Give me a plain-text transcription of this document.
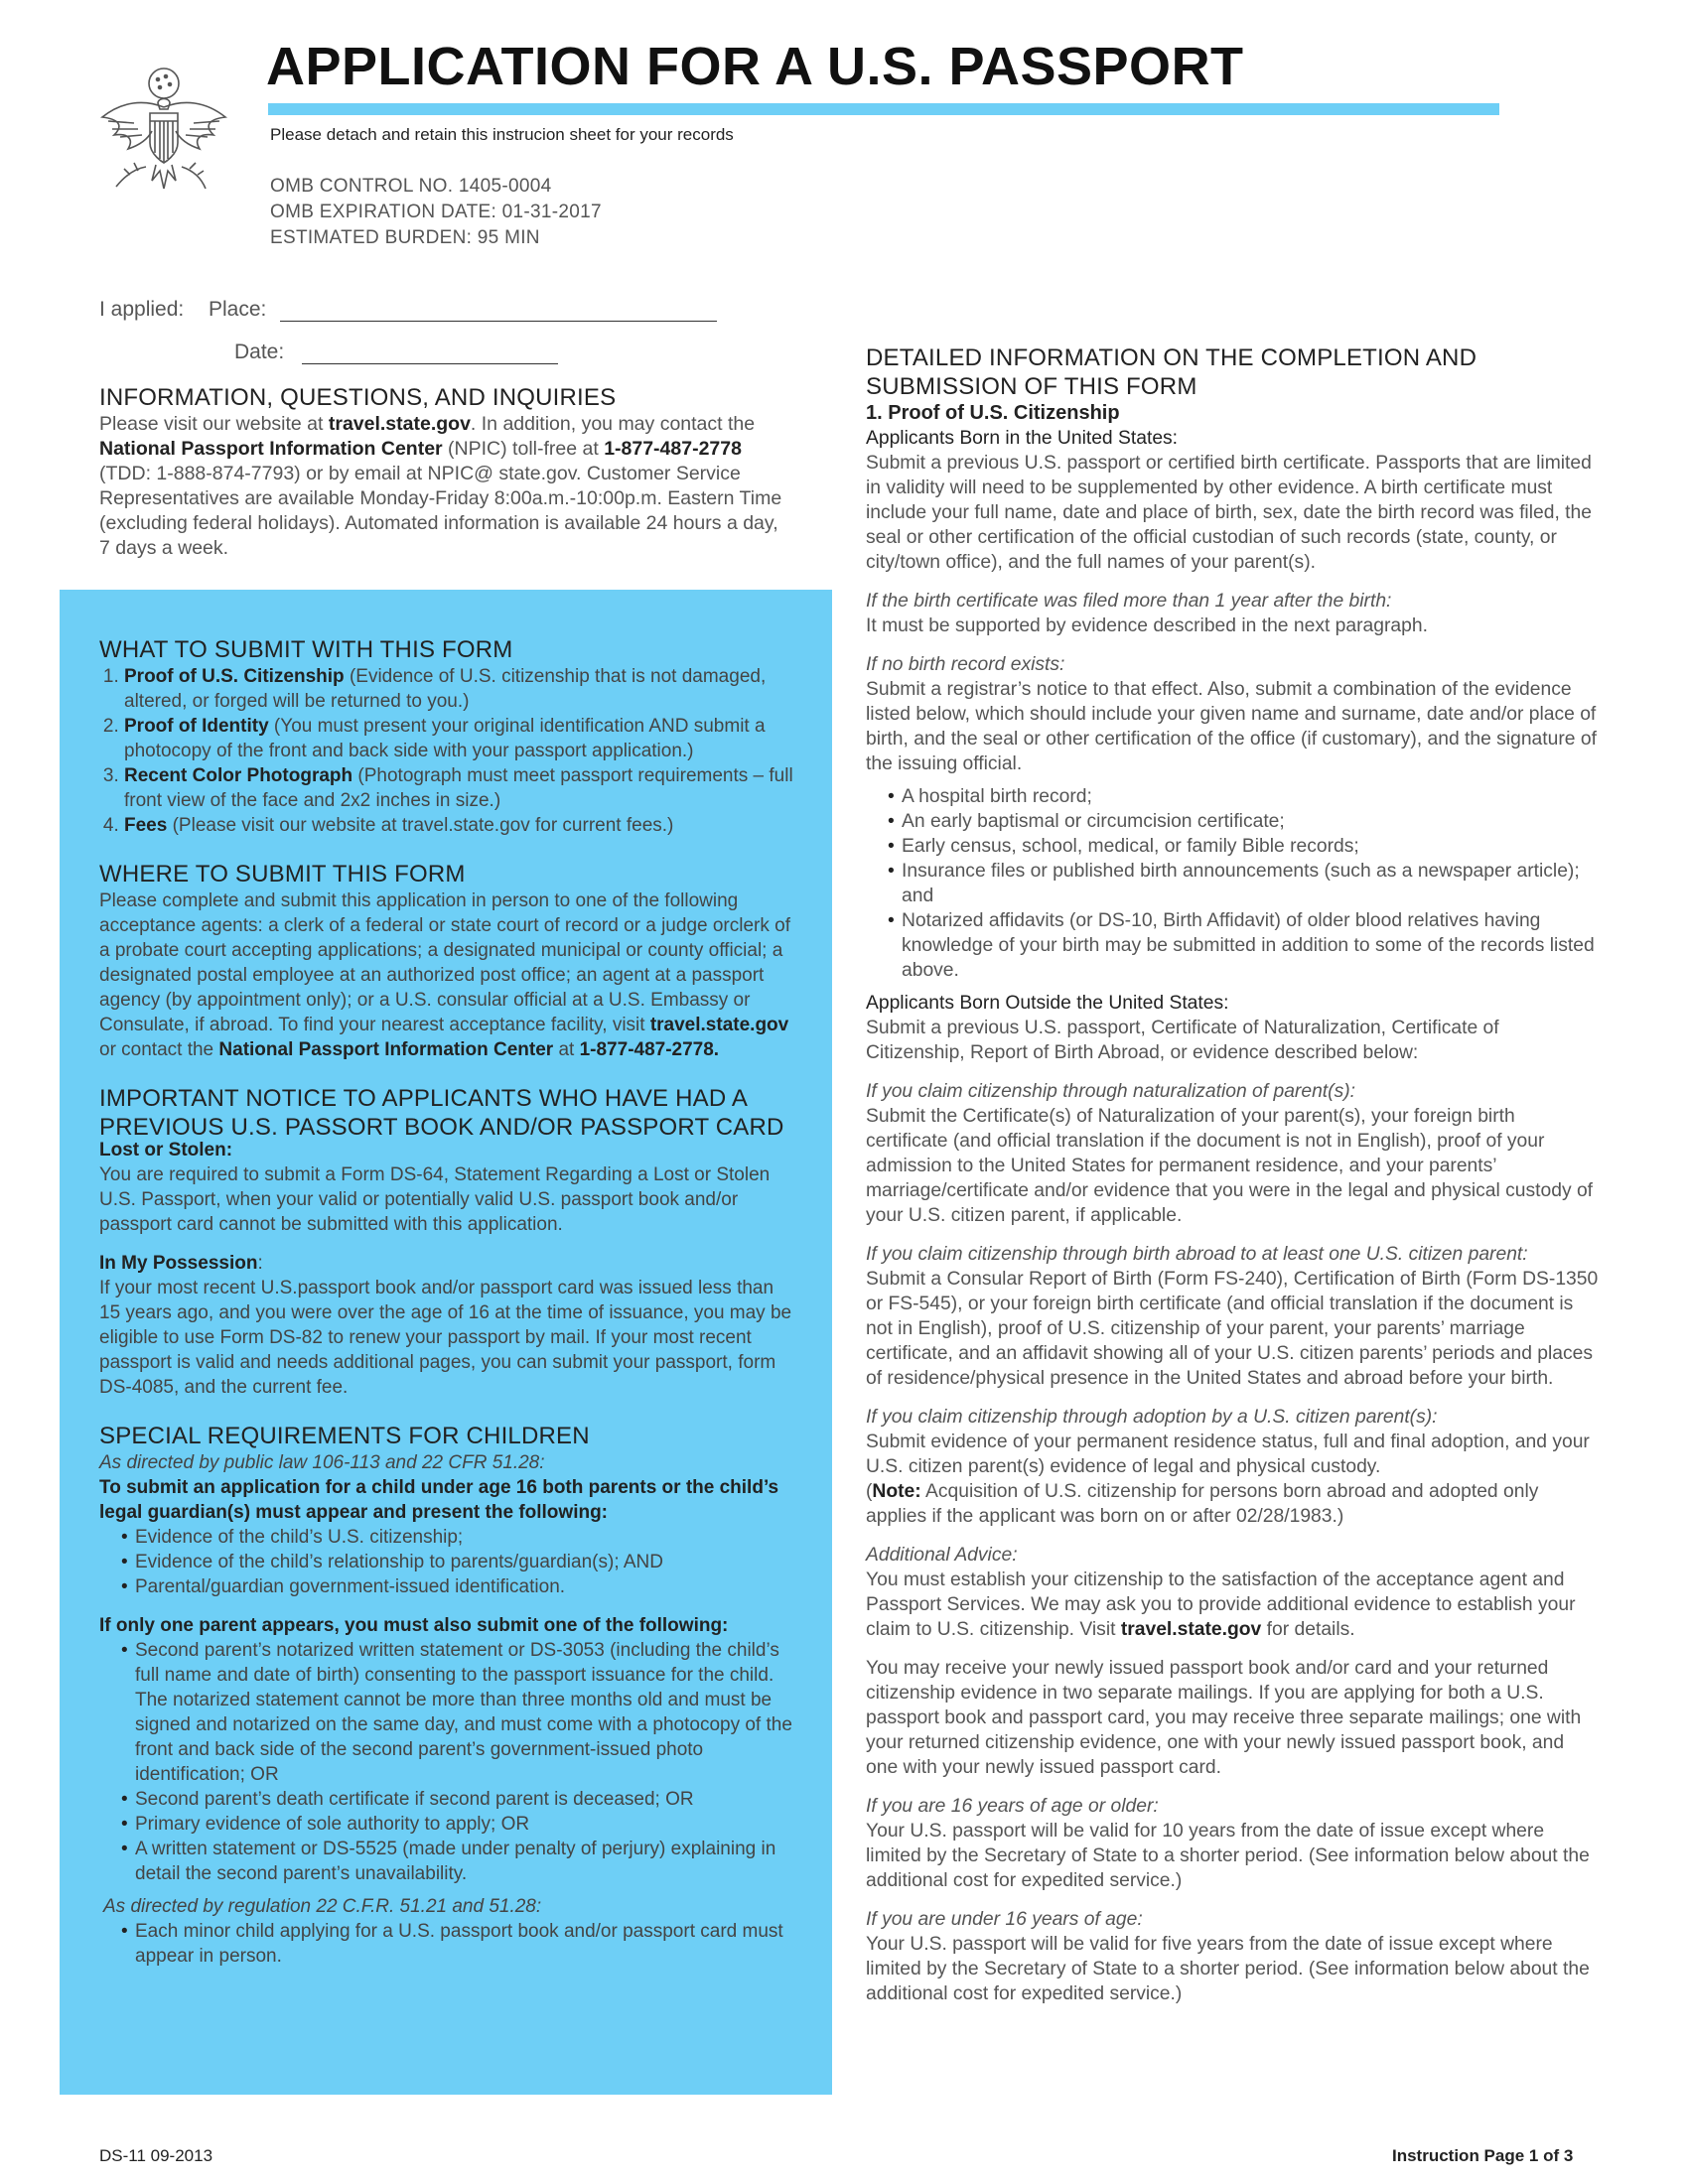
APPLICATION FOR A U.S. PASSPORT
Please detach and retain this instrucion sheet for your records
OMB CONTROL NO. 1405-0004
OMB EXPIRATION DATE: 01-31-2017
ESTIMATED BURDEN: 95 MIN
I applied:	Place:
Date:
INFORMATION, QUESTIONS, AND INQUIRIES

Please visit our website at travel.state.gov. In addition, you may contact the National Passport Information Center (NPIC) toll-free at 1-877-487-2778 (TDD: 1-888-874-7793) or by email at NPIC@ state.gov. Customer Service Representatives are available Monday-Friday 8:00a.m.-10:00p.m. Eastern Time (excluding federal holidays). Automated information is available 24 hours a day, 7 days a week.

WHAT TO SUBMIT WITH THIS FORM
1. Proof of U.S. Citizenship (Evidence of U.S. citizenship that is not damaged, altered, or forged will be returned to you.)
2. Proof of Identity (You must present your original identification AND submit a photocopy of the front and back side with your passport application.)
3. Recent Color Photograph (Photograph must meet passport requirements – full front view of the face and 2x2 inches in size.)
4. Fees (Please visit our website at travel.state.gov for current fees.)
WHERE TO SUBMIT THIS FORM

Please complete and submit this application in person to one of the following acceptance agents: a clerk of a federal or state court of record or a judge orclerk of a probate court accepting applications; a designated municipal or county official; a designated postal employee at an authorized post office; an agent at a passport agency (by appointment only); or a U.S. consular official at a U.S. Embassy or Consulate, if abroad. To find your nearest acceptance facility, visit travel.state.gov or contact the National Passport Information Center at 1-877-487-2778.

IMPORTANT NOTICE TO APPLICANTS WHO HAVE HAD A PREVIOUS U.S. PASSORT BOOK AND/OR PASSPORT CARD

Lost or Stolen:

You are required to submit a Form DS-64, Statement Regarding a Lost or Stolen U.S. Passport, when your valid or potentially valid U.S. passport book and/or passport card cannot be submitted with this application.

In My Possession:

If your most recent U.S.passport book and/or passport card was issued less than 15 years ago, and you were over the age of 16 at the time of issuance, you may be eligible to use Form DS-82 to renew your passport by mail. If your most recent passport is valid and needs additional pages, you can submit your passport, form DS-4085, and the current fee.

SPECIAL REQUIREMENTS FOR CHILDREN

As directed by public law 106-113 and 22 CFR 51.28:

To submit an application for a child under age 16 both parents or the child’s legal guardian(s) must appear and present the following:

• Evidence of the child’s U.S. citizenship;
• Evidence of the child’s relationship to parents/guardian(s); AND
• Parental/guardian government-issued identification.

If only one parent appears, you must also submit one of the following:

• Second parent’s notarized written statement or DS-3053 (including the child’s full name and date of birth) consenting to the passport issuance for the child. The notarized statement cannot be more than three months old and must be signed and notarized on the same day, and must come with a photocopy of the front and back side of the second parent’s government-issued photo identification; OR
• Second parent’s death certificate if second parent is deceased; OR
• Primary evidence of sole authority to apply; OR
• A written statement or DS-5525 (made under penalty of perjury) explaining in detail the second parent’s unavailability.

As directed by regulation 22 C.F.R. 51.21 and 51.28:

• Each minor child applying for a U.S. passport book and/or passport card must appear in person.
DETAILED INFORMATION ON THE COMPLETION AND SUBMISSION OF THIS FORM

1. Proof of U.S. Citizenship

Applicants Born in the United States:

Submit a previous U.S. passport or certified birth certificate. Passports that are limited in validity will need to be supplemented by other evidence. A birth certificate must include your full name, date and place of birth, sex, date the birth record was filed, the seal or other certification of the official custodian of such records (state, county, or city/town office), and the full names of your parent(s).

If the birth certificate was filed more than 1 year after the birth:

It must be supported by evidence described in the next paragraph.

If no birth record exists:

Submit a registrar’s notice to that effect. Also, submit a combination of the evidence listed below, which should include your given name and surname, date and/or place of birth, and the seal or other certification of the office (if customary), and the signature of the issuing official.

• A hospital birth record;
• An early baptismal or circumcision certificate;
• Early census, school, medical, or family Bible records;
• Insurance files or published birth announcements (such as a newspaper article); and
• Notarized affidavits (or DS-10, Birth Affidavit) of older blood relatives having knowledge of your birth may be submitted in addition to some of the records listed above.

Applicants Born Outside the United States:

Submit a previous U.S. passport, Certificate of Naturalization, Certificate of Citizenship, Report of Birth Abroad, or evidence described below:

If you claim citizenship through naturalization of parent(s):

Submit the Certificate(s) of Naturalization of your parent(s), your foreign birth certificate (and official translation if the document is not in English), proof of your admission to the United States for permanent residence, and your parents’ marriage/certificate and/or evidence that you were in the legal and physical custody of your U.S. citizen parent, if applicable.

If you claim citizenship through birth abroad to at least one U.S. citizen parent:

Submit a Consular Report of Birth (Form FS-240), Certification of Birth (Form DS-1350 or FS-545), or your foreign birth certificate (and official translation if the document is not in English), proof of U.S. citizenship of your parent, your parents’ marriage certificate, and an affidavit showing all of your U.S. citizen parents’ periods and places of residence/physical presence in the United States and abroad before your birth.

If you claim citizenship through adoption by a U.S. citizen parent(s):

Submit evidence of your permanent residence status, full and final adoption, and your U.S. citizen parent(s) evidence of legal and physical custody.

(Note: Acquisition of U.S. citizenship for persons born abroad and adopted only applies if the applicant was born on or after 02/28/1983.)

Additional Advice:

You must establish your citizenship to the satisfaction of the acceptance agent and Passport Services. We may ask you to provide additional evidence to establish your claim to U.S. citizenship. Visit travel.state.gov for details.

You may receive your newly issued passport book and/or card and your returned citizenship evidence in two separate mailings. If you are applying for both a U.S. passport book and passport card, you may receive three separate mailings; one with your returned citizenship evidence, one with your newly issued passport book, and one with your newly issued passport card.

If you are 16 years of age or older:

Your U.S. passport will be valid for 10 years from the date of issue except where limited by the Secretary of State to a shorter period. (See information below about the additional cost for expedited service.)

If you are under 16 years of age:

Your U.S. passport will be valid for five years from the date of issue except where limited by the Secretary of State to a shorter period. (See information below about the additional cost for expedited service.)

DS-11 09-2013	Instruction Page 1 of 3
